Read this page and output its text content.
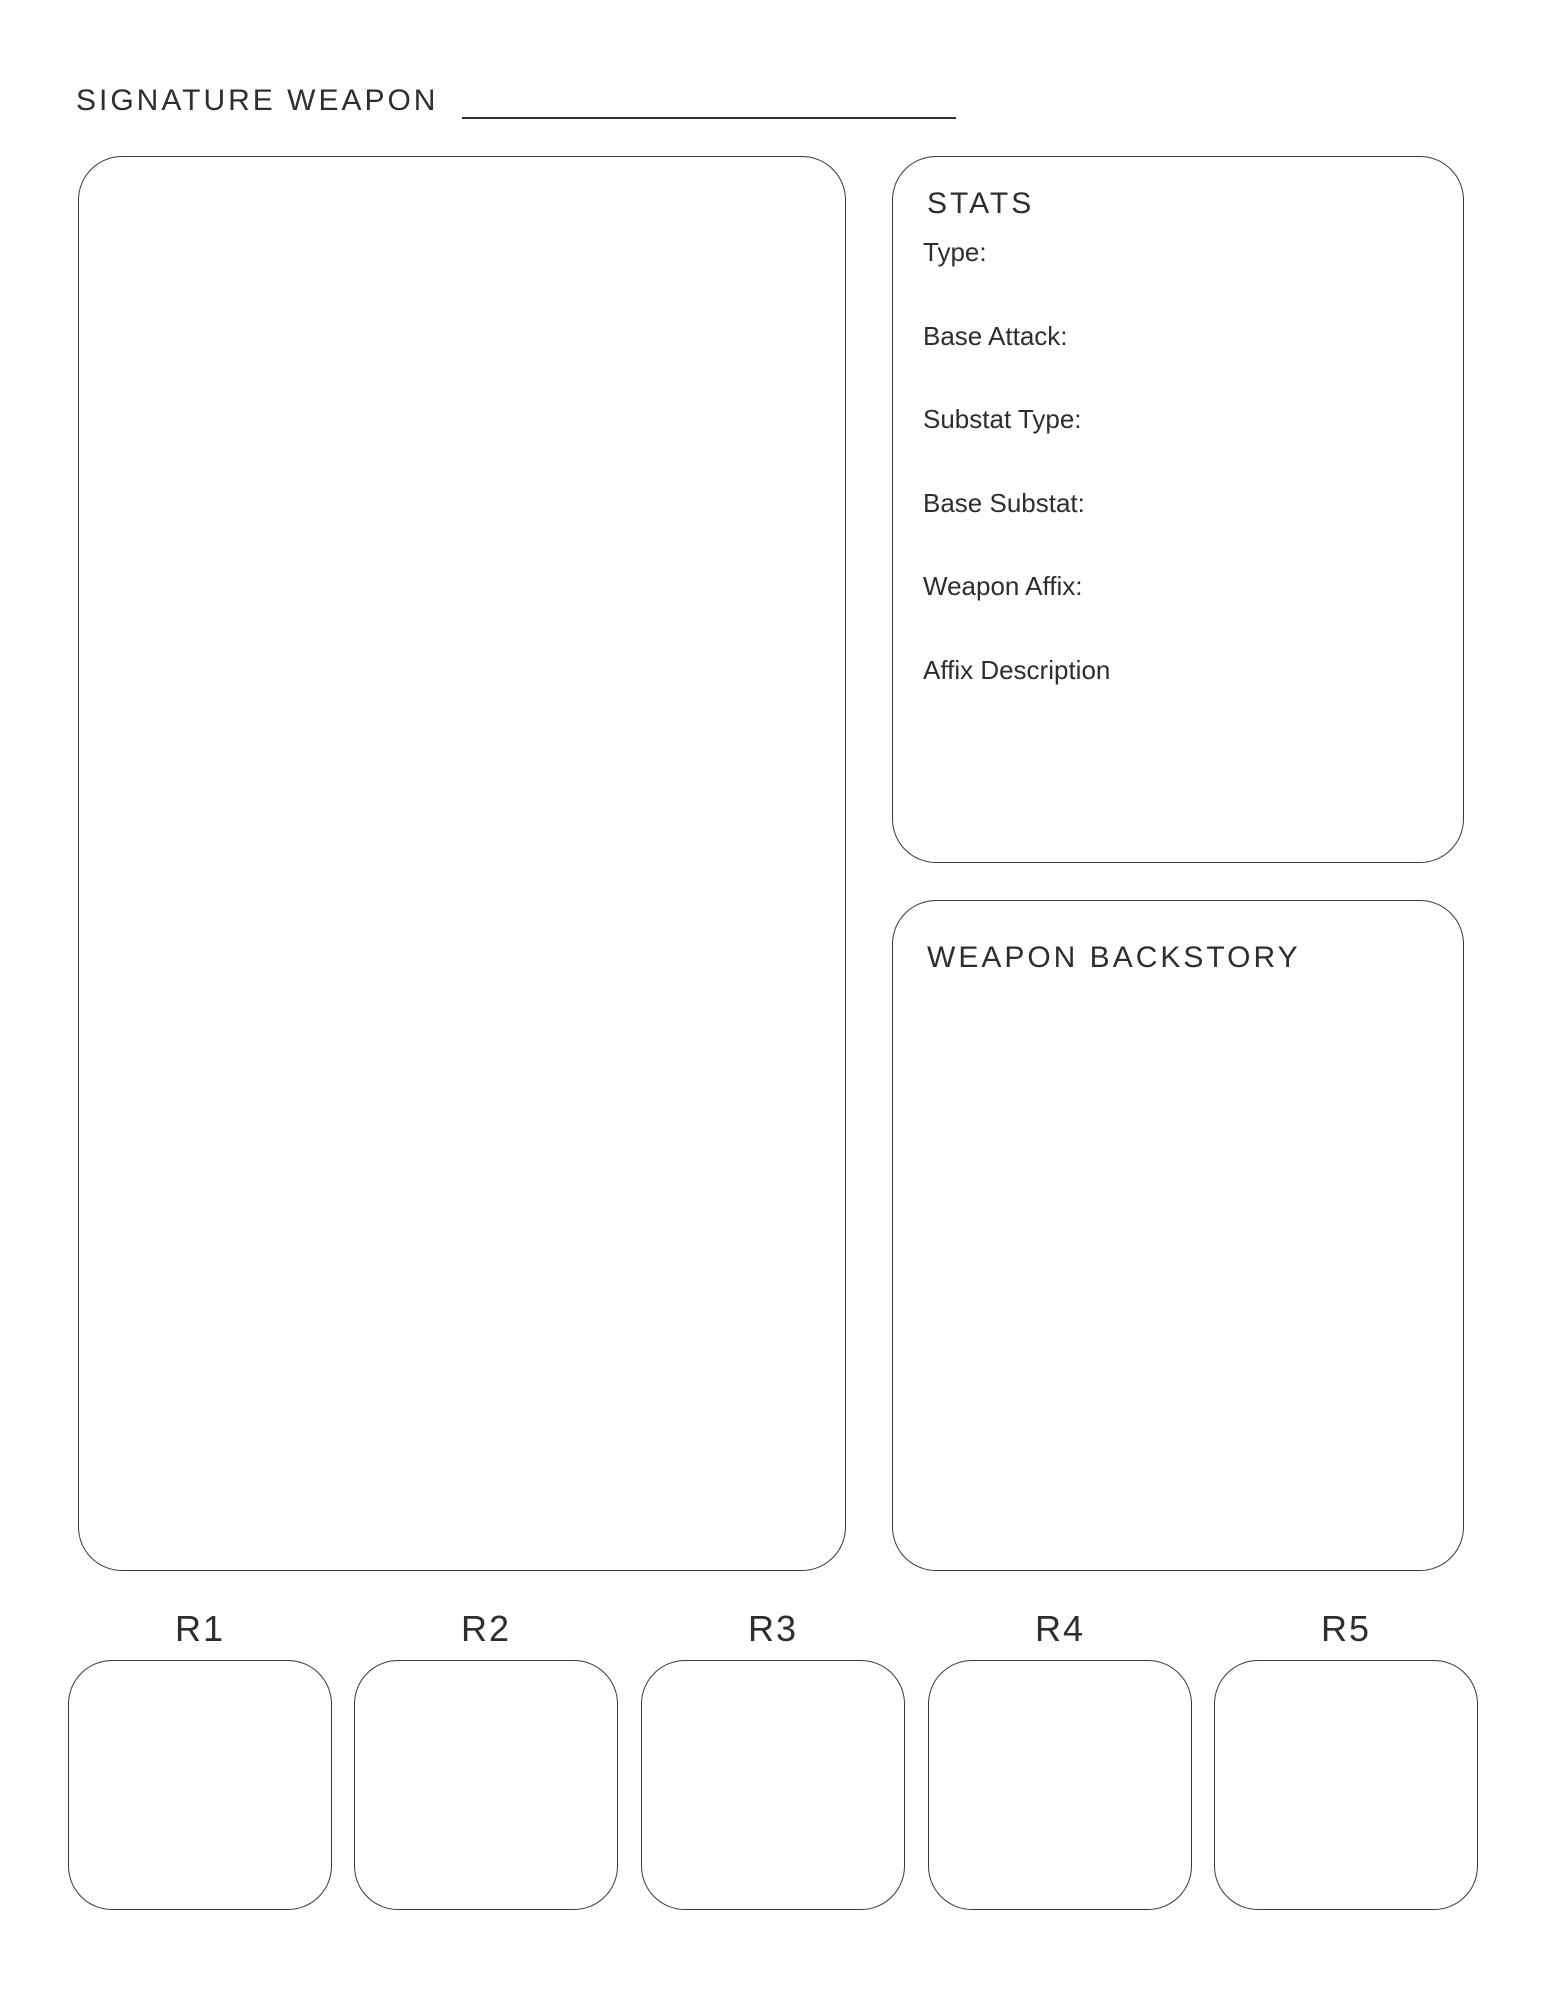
SIGNATURE WEAPON
STATS
Type:
Base Attack:
Substat Type:
Base Substat:
Weapon Affix:
Affix Description
WEAPON BACKSTORY
R1	R2	R3	R4	R5
